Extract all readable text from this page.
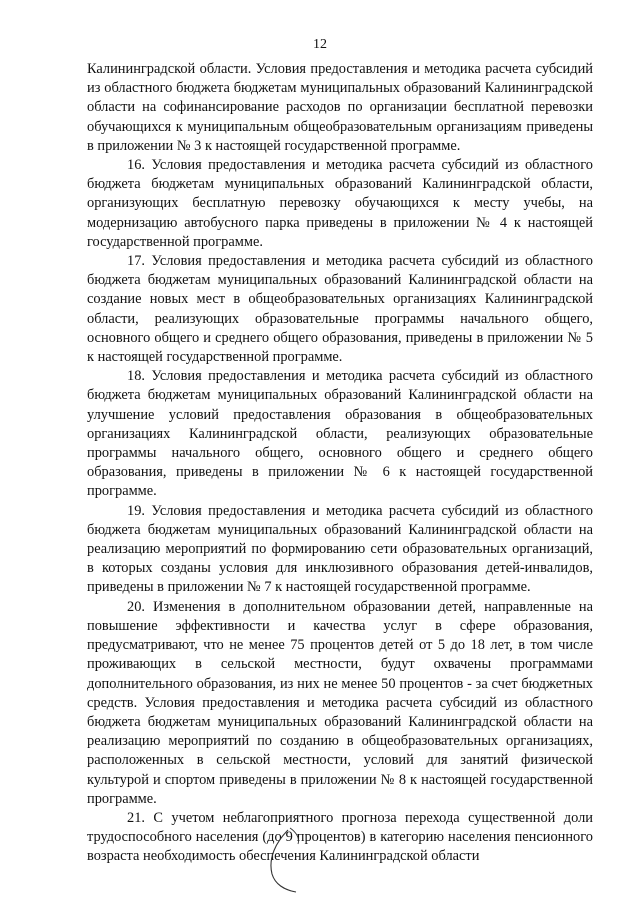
12

Калининградской области. Условия предоставления и методика расчета субсидий из областного бюджета бюджетам муниципальных образований Калининградской области на софинансирование расходов по организации бесплатной перевозки обучающихся к муниципальным общеобразовательным организациям приведены в приложении № 3 к настоящей государственной программе.

16. Условия предоставления и методика расчета субсидий из областного бюджета бюджетам муниципальных образований Калининградской области, организующих бесплатную перевозку обучающихся к месту учебы, на модернизацию автобусного парка приведены в приложении № 4 к настоящей государственной программе.

17. Условия предоставления и методика расчета субсидий из областного бюджета бюджетам муниципальных образований Калининградской области на создание новых мест в общеобразовательных организациях Калининградской области, реализующих образовательные программы начального общего, основного общего и среднего общего образования, приведены в приложении № 5 к настоящей государственной программе.

18. Условия предоставления и методика расчета субсидий из областного бюджета бюджетам муниципальных образований Калининградской области на улучшение условий предоставления образования в общеобразовательных организациях Калининградской области, реализующих образовательные программы начального общего, основного общего и среднего общего образования, приведены в приложении № 6 к настоящей государственной программе.

19. Условия предоставления и методика расчета субсидий из областного бюджета бюджетам муниципальных образований Калининградской области на реализацию мероприятий по формированию сети образовательных организаций, в которых созданы условия для инклюзивного образования детей-инвалидов, приведены в приложении № 7 к настоящей государственной программе.

20. Изменения в дополнительном образовании детей, направленные на повышение эффективности и качества услуг в сфере образования, предусматривают, что не менее 75 процентов детей от 5 до 18 лет, в том числе проживающих в сельской местности, будут охвачены программами дополнительного образования, из них не менее 50 процентов - за счет бюджетных средств. Условия предоставления и методика расчета субсидий из областного бюджета бюджетам муниципальных образований Калининградской области на реализацию мероприятий по созданию в общеобразовательных организациях, расположенных в сельской местности, условий для занятий физической культурой и спортом приведены в приложении № 8 к настоящей государственной программе.

21. С учетом неблагоприятного прогноза перехода существенной доли трудоспособного населения (до 9 процентов) в категорию населения пенсионного возраста необходимость обеспечения Калининградской области
